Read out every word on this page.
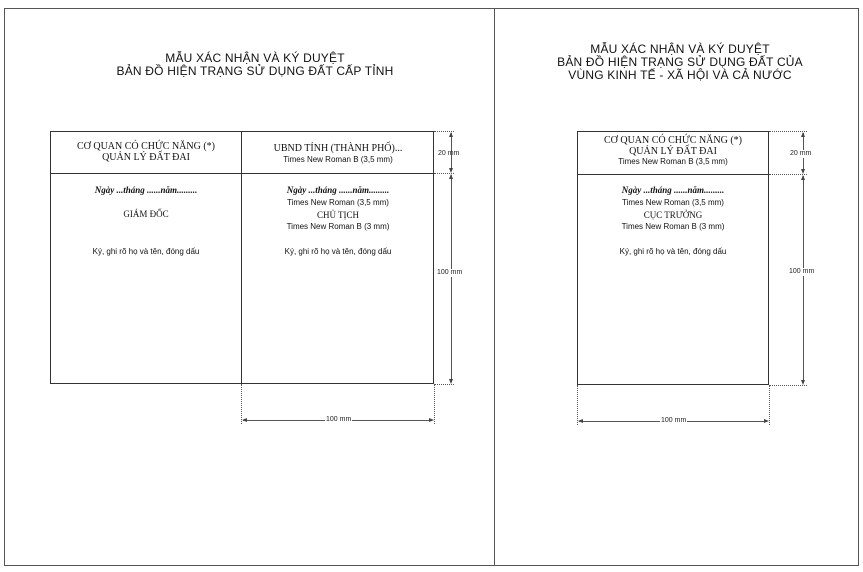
MẪU XÁC NHẬN VÀ KÝ DUYỆT
BẢN ĐỒ HIỆN TRẠNG SỬ DỤNG ĐẤT CẤP TỈNH
CƠ QUAN CÓ CHỨC NĂNG (*)
QUẢN LÝ ĐẤT ĐAI
Ngày ...tháng ......năm.........
GIÁM ĐỐC
Ký, ghi rõ họ và tên, đóng dấu
UBND TỈNH (THÀNH PHỐ)...
Times New Roman B (3,5 mm)
Ngày ...tháng ......năm.........
Times New Roman (3,5 mm)
CHỦ TỊCH
Times New Roman B (3 mm)
Ký, ghi rõ họ và tên, đóng dấu
20 mm
100 mm
100 mm
MẪU XÁC NHẬN VÀ KÝ DUYỆT
BẢN ĐỒ HIỆN TRẠNG SỬ DỤNG ĐẤT CỦA
VÙNG KINH TẾ - XÃ HỘI VÀ CẢ NƯỚC
CƠ QUAN CÓ CHỨC NĂNG (*)
QUẢN LÝ ĐẤT ĐAI
Times New Roman B (3,5 mm)
Ngày ...tháng ......năm.........
Times New Roman (3,5 mm)
CỤC TRƯỞNG
Times New Roman B (3 mm)
Ký, ghi rõ họ và tên, đóng dấu
20 mm
100 mm
100 mm
